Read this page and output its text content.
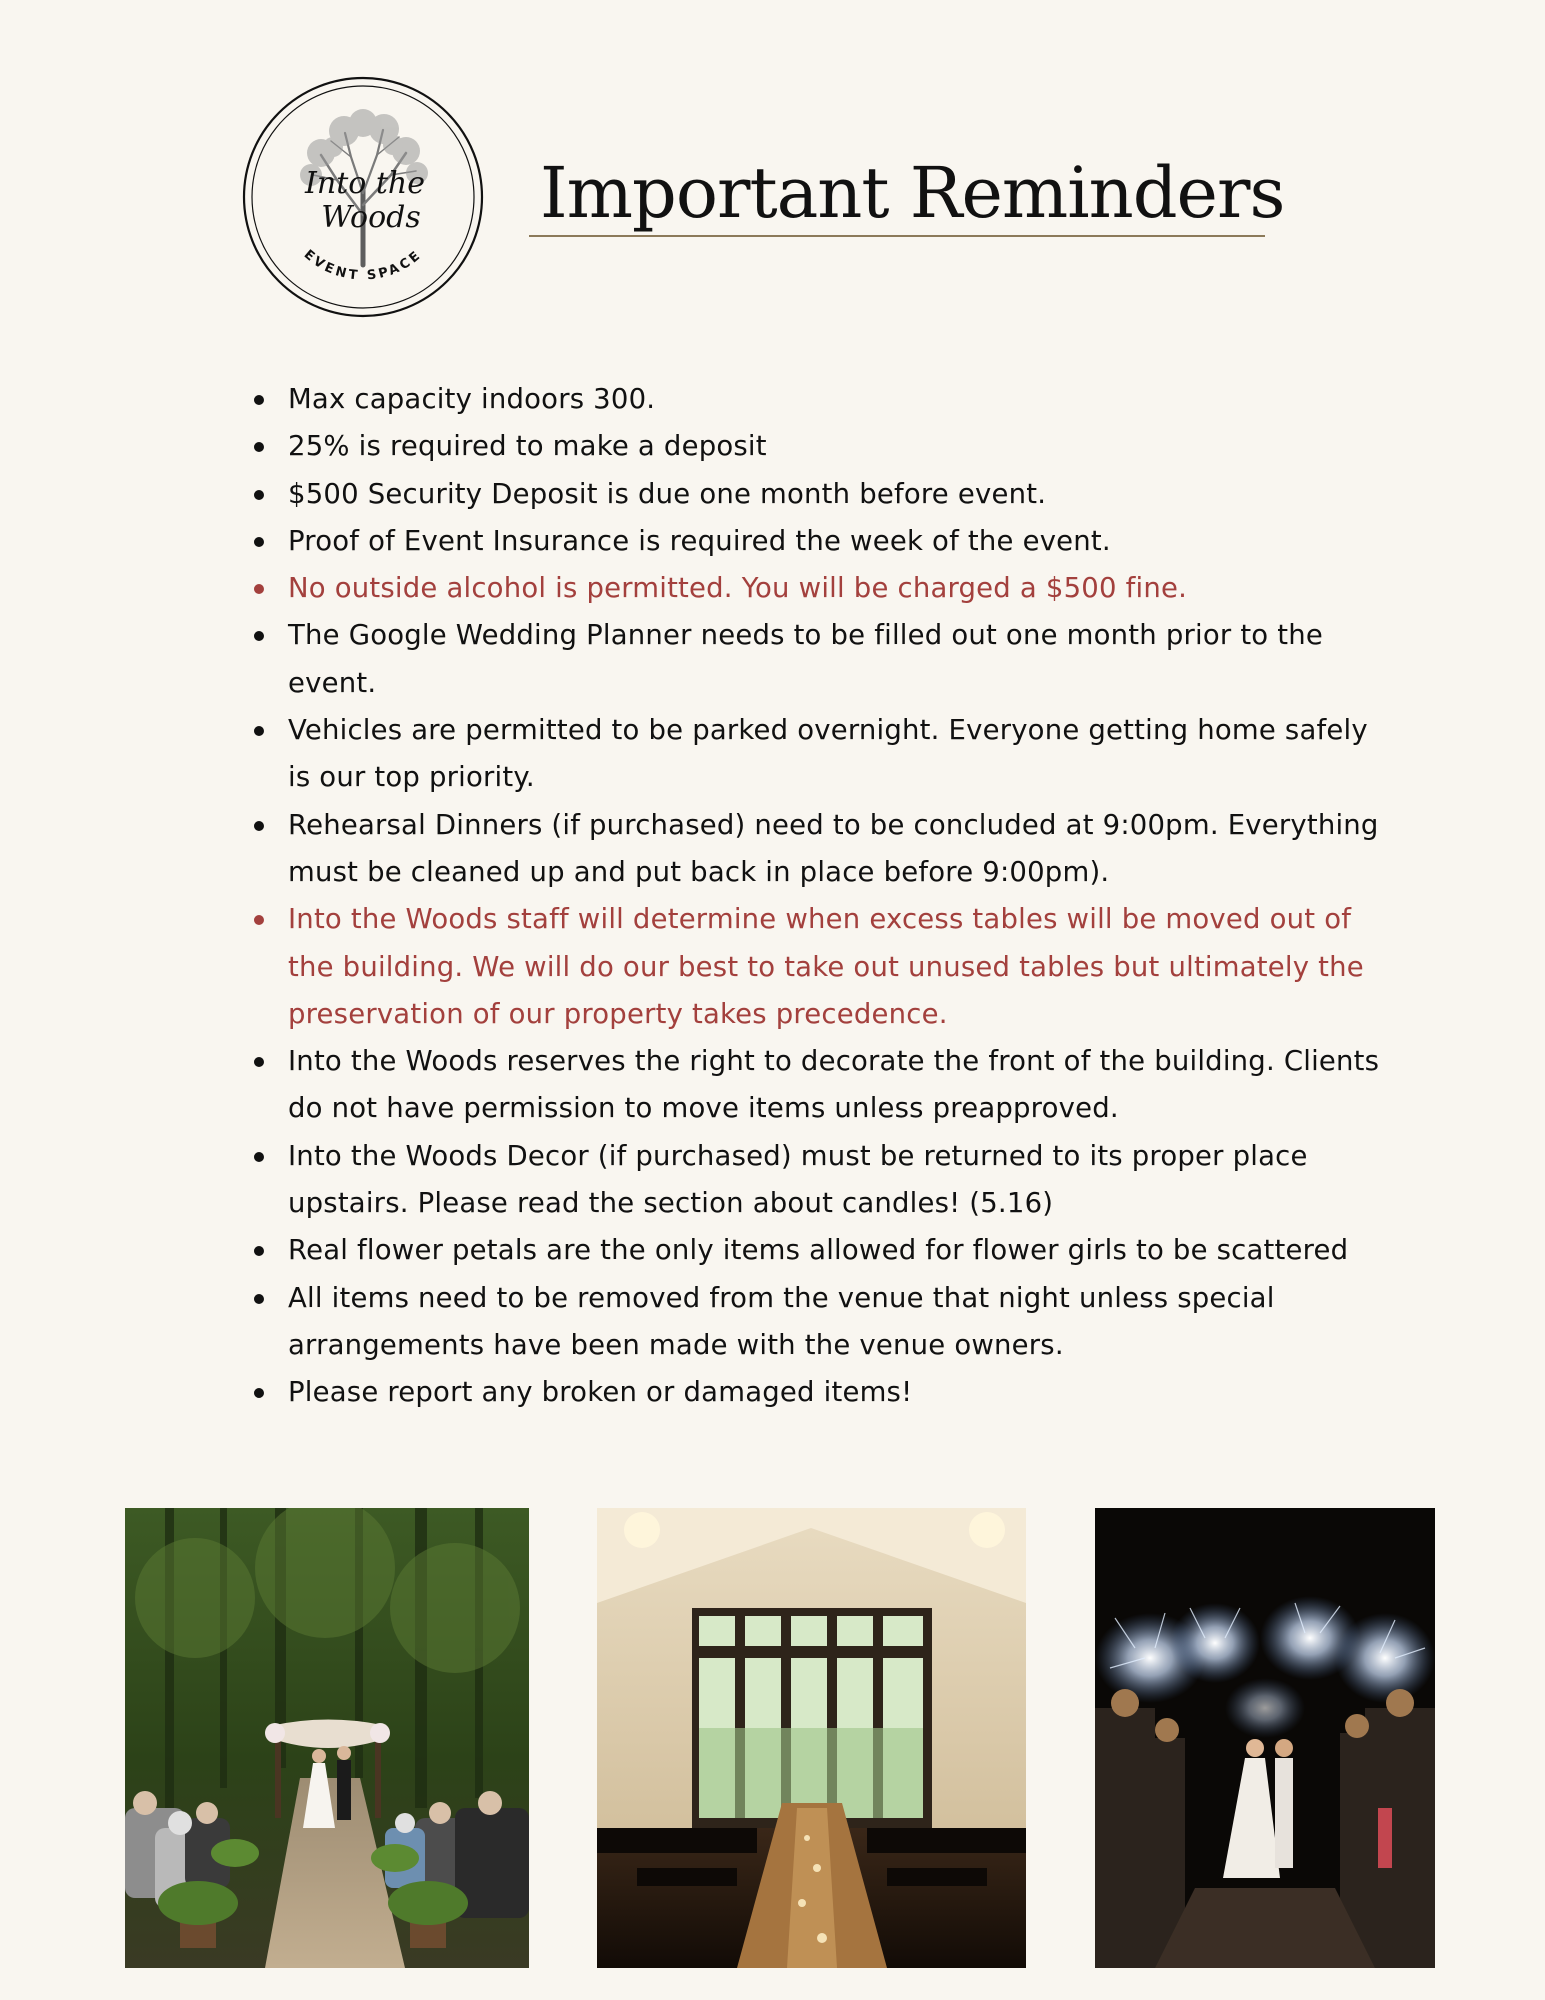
Into the
Woods
EVENT SPACE
Important Reminders
Max capacity indoors 300.
25% is required to make a deposit
$500 Security Deposit is due one month before event.
Proof of Event Insurance is required the week of the event.
No outside alcohol is permitted. You will be charged a $500 fine.
The Google Wedding Planner needs to be filled out one month prior to the event.
Vehicles are permitted to be parked overnight. Everyone getting home safely is our top priority.
Rehearsal Dinners (if purchased) need to be concluded at 9:00pm. Everything must be cleaned up and put back in place before 9:00pm).
Into the Woods staff will determine when excess tables will be moved out of the building. We will do our best to take out unused tables but ultimately the preservation of our property takes precedence.
Into the Woods reserves the right to decorate the front of the building. Clients do not have permission to move items unless preapproved.
Into the Woods Decor (if purchased) must be returned to its proper place upstairs. Please read the section about candles! (5.16)
Real flower petals are the only items allowed for flower girls to be scattered
All items need to be removed from the venue that night unless special arrangements have been made with the venue owners.
Please report any broken or damaged items!
